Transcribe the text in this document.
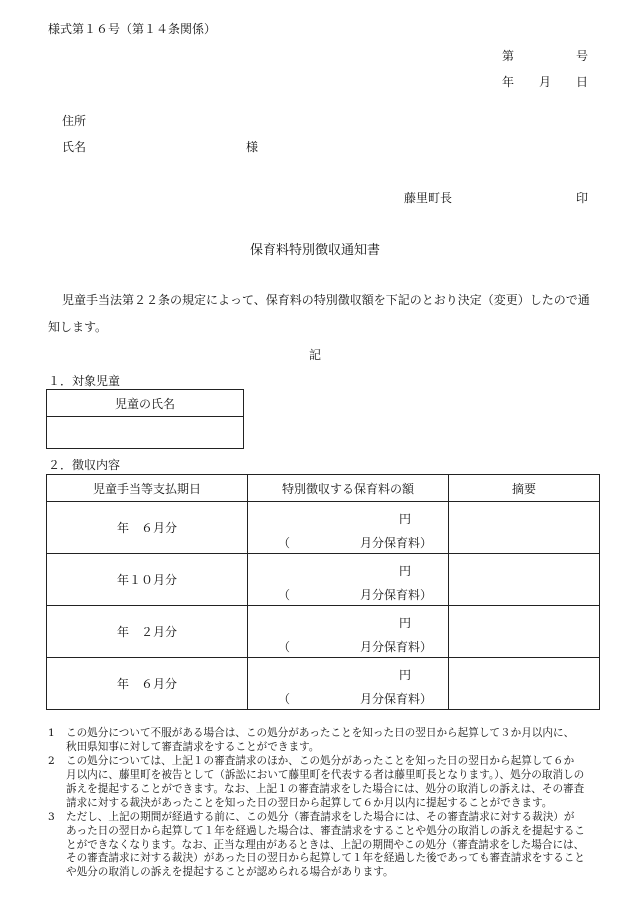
様式第１６号（第１４条関係）
第	号
年 月 日
住所
氏名	様
藤里町長	印
保育料特別徴収通知書
児童手当法第２２条の規定によって、保育料の特別徴収額を下記のとおり決定（変更）したので通
知します。
記
１．対象児童
児童の氏名

２．徴収内容
児童手当等支払期日	特別徴収する保育料の額	摘要
年　６月分	円
（ 月分保育料）	

年１０月分	円
（ 月分保育料）	

年　２月分	円
（ 月分保育料）	

年　６月分	円
（ 月分保育料）	

1	この処分について不服がある場合は、この処分があったことを知った日の翌日から起算して３か月以内に、
秋田県知事に対して審査請求をすることができます。
2	この処分については、上記１の審査請求のほか、この処分があったことを知った日の翌日から起算して６か
月以内に、藤里町を被告として（訴訟において藤里町を代表する者は藤里町長となります。）、処分の取消しの
訴えを提起することができます。なお、上記１の審査請求をした場合には、処分の取消しの訴えは、その審査
請求に対する裁決があったことを知った日の翌日から起算して６か月以内に提起することができます。
3	ただし、上記の期間が経過する前に、この処分（審査請求をした場合には、その審査請求に対する裁決）が
あった日の翌日から起算して１年を経過した場合は、審査請求をすることや処分の取消しの訴えを提起するこ
とができなくなります。なお、正当な理由があるときは、上記の期間やこの処分（審査請求をした場合には、
その審査請求に対する裁決）があった日の翌日から起算して１年を経過した後であっても審査請求をすること
や処分の取消しの訴えを提起することが認められる場合があります。
